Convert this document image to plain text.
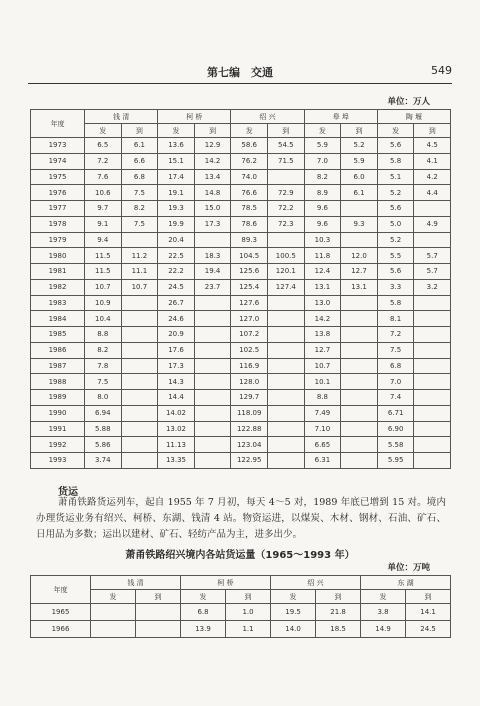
第七编　交通	549
单位：万人
年度	钱 清		柯 桥		绍 兴		皋 埠		陶 堰	
	发	到	发	到	发	到	发	到	发	到
1973	6.5	6.1	13.6	12.9	58.6	54.5	5.9	5.2	5.6	4.5
1974	7.2	6.6	15.1	14.2	76.2	71.5	7.0	5.9	5.8	4.1
1975	7.6	6.8	17.4	13.4	74.0		8.2	6.0	5.1	4.2
1976	10.6	7.5	19.1	14.8	76.6	72.9	8.9	6.1	5.2	4.4
1977	9.7	8.2	19.3	15.0	78.5	72.2	9.6		5.6	
1978	9.1	7.5	19.9	17.3	78.6	72.3	9.6	9.3	5.0	4.9
1979	9.4		20.4		89.3		10.3		5.2	
1980	11.5	11.2	22.5	18.3	104.5	100.5	11.8	12.0	5.5	5.7
1981	11.5	11.1	22.2	19.4	125.6	120.1	12.4	12.7	5.6	5.7
1982	10.7	10.7	24.5	23.7	125.4	127.4	13.1	13.1	3.3	3.2
1983	10.9		26.7		127.6		13.0		5.8	
1984	10.4		24.6		127.0		14.2		8.1	
1985	8.8		20.9		107.2		13.8		7.2	
1986	8.2		17.6		102.5		12.7		7.5	
1987	7.8		17.3		116.9		10.7		6.8	
1988	7.5		14.3		128.0		10.1		7.0	
1989	8.0		14.4		129.7		8.8		7.4	
1990	6.94		14.02		118.09		7.49		6.71	
1991	5.88		13.02		122.88		7.10		6.90	
1992	5.86		11.13		123.04		6.65		5.58	
1993	3.74		13.35		122.95		6.31		5.95	
货运
萧甬铁路货运列车，起自 1955 年 7 月初，每天 4～5 对，1989 年底已增到 15 对。境内办理货运业务有绍兴、柯桥、东湖、钱清 4 站。物资运进，以煤炭、木材、钢材、石油、矿石、日用品为多数；运出以建材、矿石、轻纺产品为主，进多出少。
萧甬铁路绍兴境内各站货运量（1965～1993 年）
单位：万吨
年度	钱 清		柯 桥		绍 兴		东 湖	
	发	到	发	到	发	到	发	到
1965			6.8	1.0	19.5	21.8	3.8	14.1
1966			13.9	1.1	14.0	18.5	14.9	24.5
